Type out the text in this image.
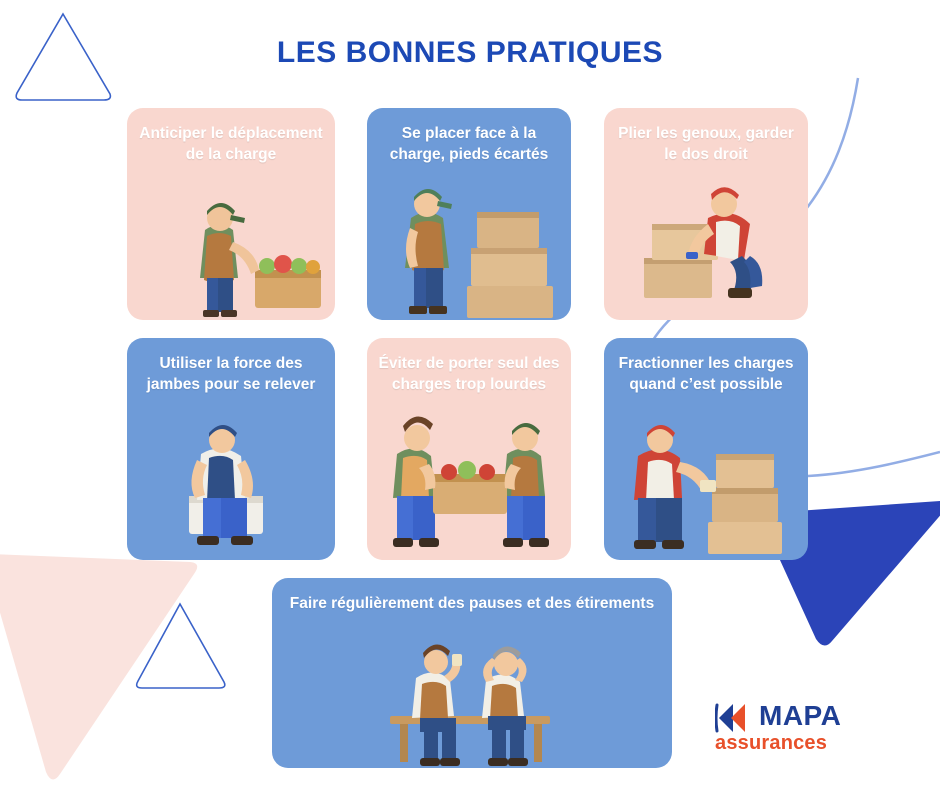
LES BONNES PRATIQUES
Anticiper le déplacement de la charge
Se placer face à la charge, pieds écartés
Plier les genoux, garder le dos droit
Utiliser la force des jambes pour se relever
Éviter de porter seul des charges trop lourdes
Fractionner les charges quand c’est possible
Faire régulièrement des pauses et des étirements
MAPA
assurances
